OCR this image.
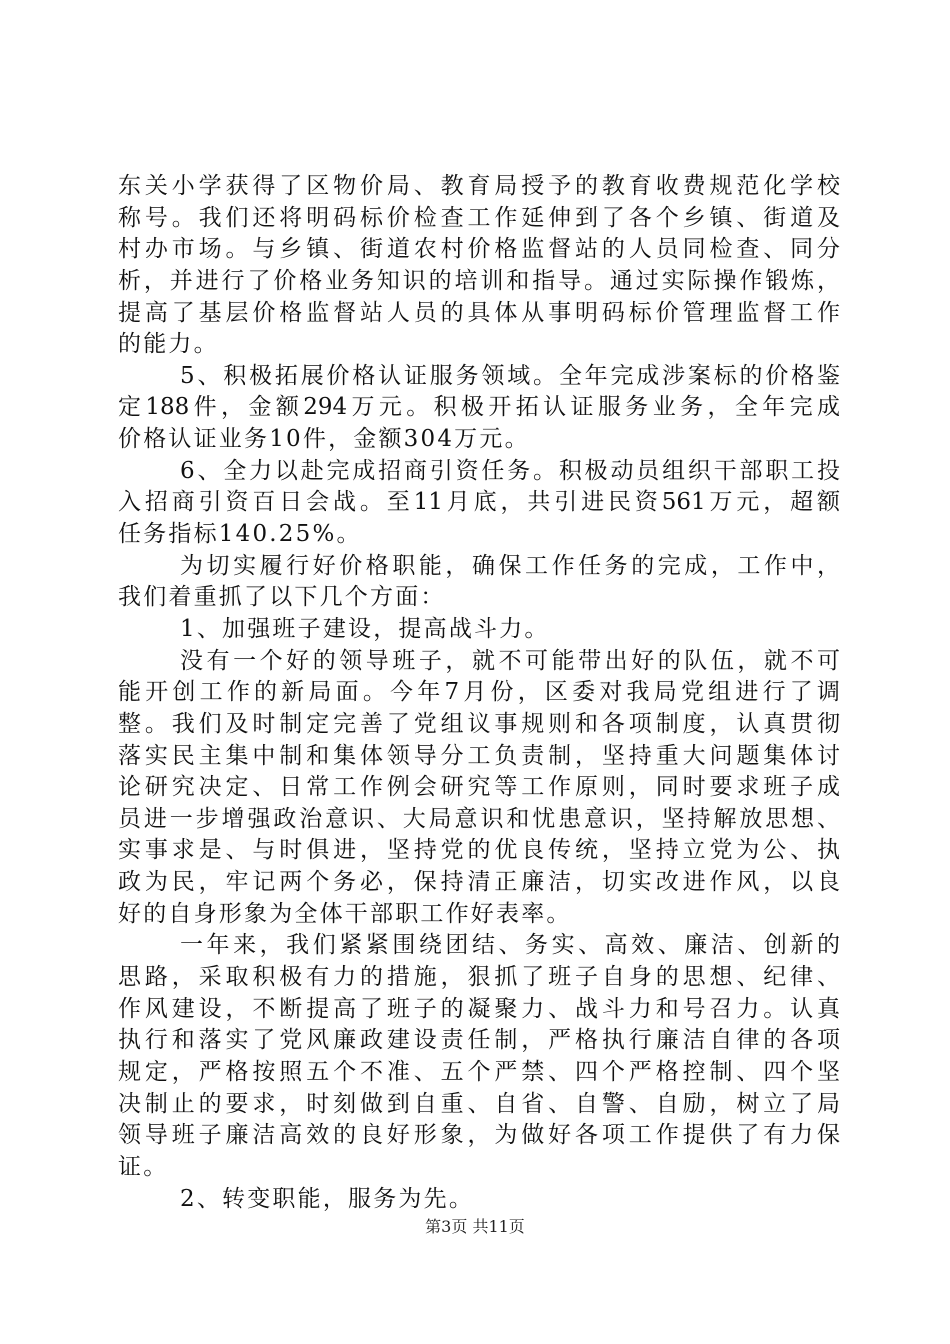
东关小学获得了区物价局、教育局授予的教育收费规范化学校
称号。我们还将明码标价检查工作延伸到了各个乡镇、街道及
村办市场。与乡镇、街道农村价格监督站的人员同检查、同分
析，并进行了价格业务知识的培训和指导。通过实际操作锻炼，
提高了基层价格监督站人员的具体从事明码标价管理监督工作
的能力。
5、积极拓展价格认证服务领域。全年完成涉案标的价格鉴
定188件，金额294万元。积极开拓认证服务业务，全年完成
价格认证业务10件，金额304万元。
6、全力以赴完成招商引资任务。积极动员组织干部职工投
入招商引资百日会战。至11月底，共引进民资561万元，超额
任务指标140.25%。
为切实履行好价格职能，确保工作任务的完成，工作中，
我们着重抓了以下几个方面：
1、加强班子建设，提高战斗力。
没有一个好的领导班子，就不可能带出好的队伍，就不可
能开创工作的新局面。今年7月份，区委对我局党组进行了调
整。我们及时制定完善了党组议事规则和各项制度，认真贯彻
落实民主集中制和集体领导分工负责制，坚持重大问题集体讨
论研究决定、日常工作例会研究等工作原则，同时要求班子成
员进一步增强政治意识、大局意识和忧患意识，坚持解放思想、
实事求是、与时俱进，坚持党的优良传统，坚持立党为公、执
政为民，牢记两个务必，保持清正廉洁，切实改进作风，以良
好的自身形象为全体干部职工作好表率。
一年来，我们紧紧围绕团结、务实、高效、廉洁、创新的
思路，采取积极有力的措施，狠抓了班子自身的思想、纪律、
作风建设，不断提高了班子的凝聚力、战斗力和号召力。认真
执行和落实了党风廉政建设责任制，严格执行廉洁自律的各项
规定，严格按照五个不准、五个严禁、四个严格控制、四个坚
决制止的要求，时刻做到自重、自省、自警、自励，树立了局
领导班子廉洁高效的良好形象，为做好各项工作提供了有力保
证。
2、转变职能，服务为先。
第3页 共11页
